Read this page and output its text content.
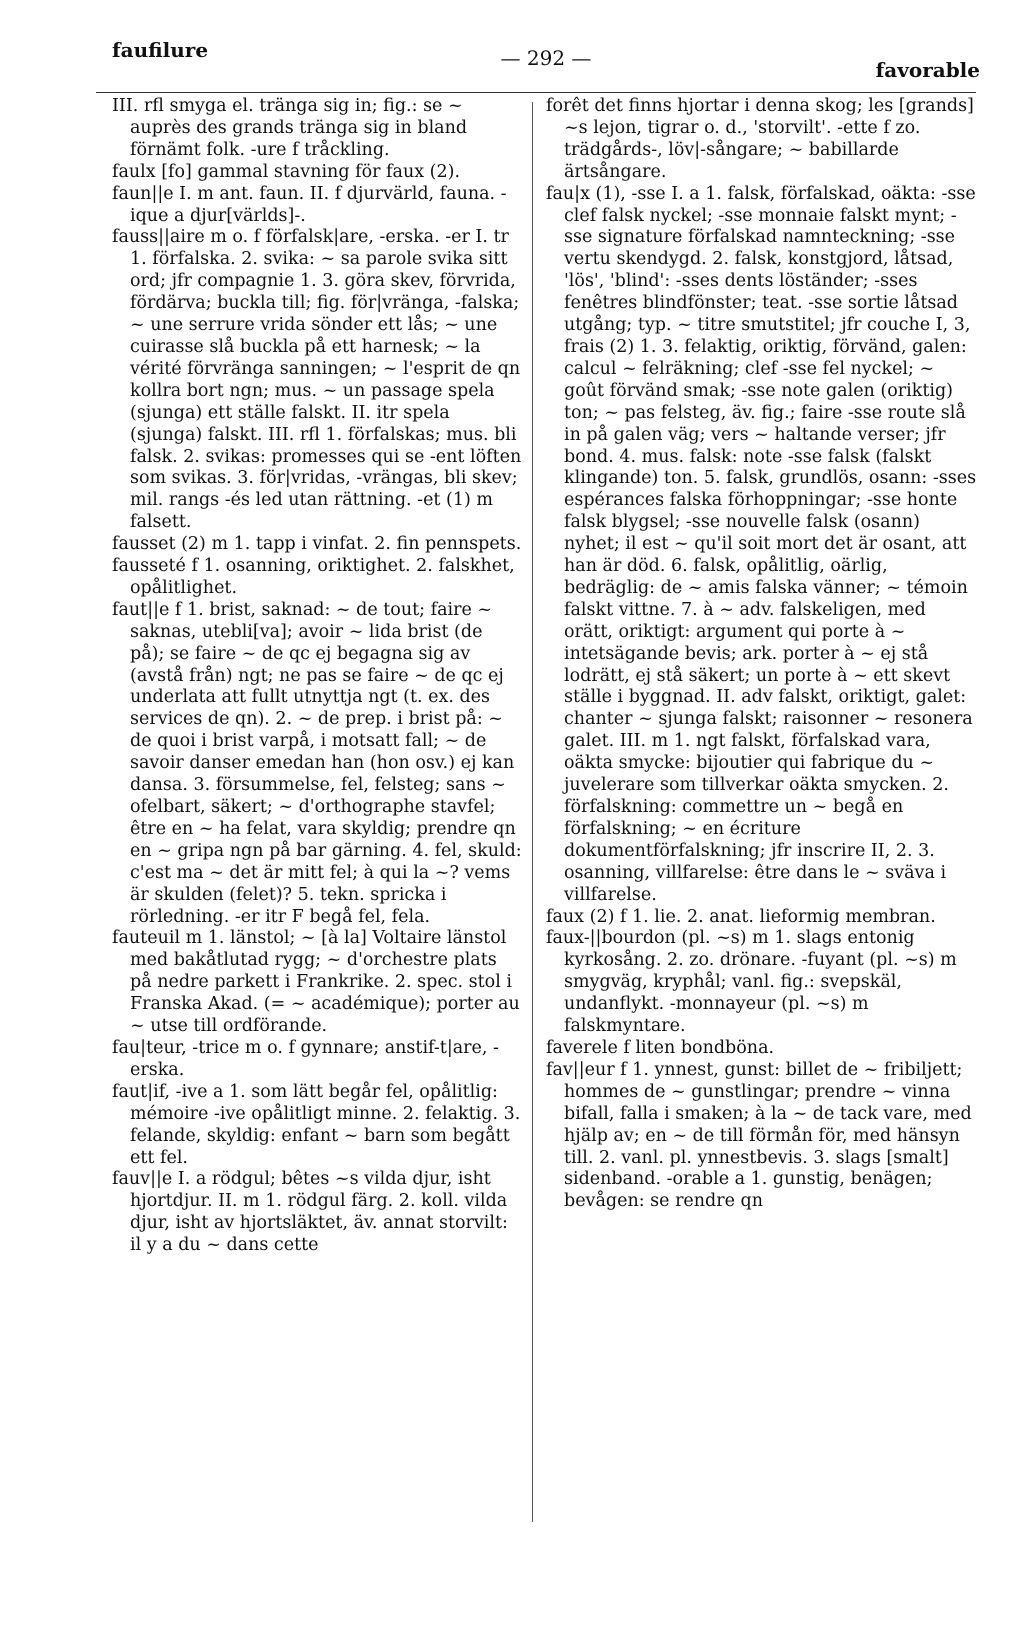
faufilure	— 292 —	favorable

III. rfl smyga el. tränga sig in; fig.: se ~ auprès des grands tränga sig in bland förnämt folk. -ure f tråckling.

faulx [fo] gammal stavning för faux (2).

faun||e I. m ant. faun. II. f djurvärld, fauna. -ique a djur[världs]-.

fauss||aire m o. f förfalsk|are, -erska. -er I. tr 1. förfalska. 2. svika: ~ sa parole svika sitt ord; jfr compagnie 1. 3. göra skev, förvrida, fördärva; buckla till; fig. för|vränga, -falska; ~ une serrure vrida sönder ett lås; ~ une cuirasse slå buckla på ett harnesk; ~ la vérité förvränga sanningen; ~ l'esprit de qn kollra bort ngn; mus. ~ un passage spela (sjunga) ett ställe falskt. II. itr spela (sjunga) falskt. III. rfl 1. förfalskas; mus. bli falsk. 2. svikas: promesses qui se -ent löften som svikas. 3. för|vridas, -vrängas, bli skev; mil. rangs -és led utan rättning. -et (1) m falsett.

fausset (2) m 1. tapp i vinfat. 2. fin pennspets.

fausseté f 1. osanning, oriktighet. 2. falskhet, opålitlighet.

faut||e f 1. brist, saknad: ~ de tout; faire ~ saknas, utebli[va]; avoir ~ lida brist (de på); se faire ~ de qc ej begagna sig av (avstå från) ngt; ne pas se faire ~ de qc ej underlata att fullt utnyttja ngt (t. ex. des services de qn). 2. ~ de prep. i brist på: ~ de quoi i brist varpå, i motsatt fall; ~ de savoir danser emedan han (hon osv.) ej kan dansa. 3. försummelse, fel, felsteg; sans ~ ofelbart, säkert; ~ d'orthographe stavfel; être en ~ ha felat, vara skyldig; prendre qn en ~ gripa ngn på bar gärning. 4. fel, skuld: c'est ma ~ det är mitt fel; à qui la ~? vems är skulden (felet)? 5. tekn. spricka i rörledning. -er itr F begå fel, fela.

fauteuil m 1. länstol; ~ [à la] Voltaire länstol med bakåtlutad rygg; ~ d'orchestre plats på nedre parkett i Frankrike. 2. spec. stol i Franska Akad. (= ~ académique); porter au ~ utse till ordförande.

fau|teur, -trice m o. f gynnare; anstif-t|are, -erska.

faut|if, -ive a 1. som lätt begår fel, opålitlig: mémoire -ive opålitligt minne. 2. felaktig. 3. felande, skyldig: enfant ~ barn som begått ett fel.

fauv||e I. a rödgul; bêtes ~s vilda djur, isht hjortdjur. II. m 1. rödgul färg. 2. koll. vilda djur, isht av hjortsläktet, äv. annat storvilt: il y a du ~ dans cette

forêt det finns hjortar i denna skog; les [grands] ~s lejon, tigrar o. d., 'storvilt'. -ette f zo. trädgårds-, löv|-sångare; ~ babillarde ärtsångare.

fau|x (1), -sse I. a 1. falsk, förfalskad, oäkta: -sse clef falsk nyckel; -sse monnaie falskt mynt; -sse signature förfalskad namnteckning; -sse vertu skendygd. 2. falsk, konstgjord, låtsad, 'lös', 'blind': -sses dents löständer; -sses fenêtres blindfönster; teat. -sse sortie låtsad utgång; typ. ~ titre smutstitel; jfr couche I, 3, frais (2) 1. 3. felaktig, oriktig, förvänd, galen: calcul ~ felräkning; clef -sse fel nyckel; ~ goût förvänd smak; -sse note galen (oriktig) ton; ~ pas felsteg, äv. fig.; faire -sse route slå in på galen väg; vers ~ haltande verser; jfr bond. 4. mus. falsk: note -sse falsk (falskt klingande) ton. 5. falsk, grundlös, osann: -sses espérances falska förhoppningar; -sse honte falsk blygsel; -sse nouvelle falsk (osann) nyhet; il est ~ qu'il soit mort det är osant, att han är död. 6. falsk, opålitlig, oärlig, bedräglig: de ~ amis falska vänner; ~ témoin falskt vittne. 7. à ~ adv. falskeligen, med orätt, oriktigt: argument qui porte à ~ intetsägande bevis; ark. porter à ~ ej stå lodrätt, ej stå säkert; un porte à ~ ett skevt ställe i byggnad. II. adv falskt, oriktigt, galet: chanter ~ sjunga falskt; raisonner ~ resonera galet. III. m 1. ngt falskt, förfalskad vara, oäkta smycke: bijoutier qui fabrique du ~ juvelerare som tillverkar oäkta smycken. 2. förfalskning: commettre un ~ begå en förfalskning; ~ en écriture dokumentförfalskning; jfr inscrire II, 2. 3. osanning, villfarelse: être dans le ~ sväva i villfarelse.

faux (2) f 1. lie. 2. anat. lieformig membran.

faux-||bourdon (pl. ~s) m 1. slags entonig kyrkosång. 2. zo. drönare. -fuyant (pl. ~s) m smygväg, kryphål; vanl. fig.: svepskäl, undanflykt. -monnayeur (pl. ~s) m falskmyntare.

faverele f liten bondböna.

fav||eur f 1. ynnest, gunst: billet de ~ fribiljett; hommes de ~ gunstlingar; prendre ~ vinna bifall, falla i smaken; à la ~ de tack vare, med hjälp av; en ~ de till förmån för, med hänsyn till. 2. vanl. pl. ynnestbevis. 3. slags [smalt] sidenband. -orable a 1. gunstig, benägen; bevågen: se rendre qn
